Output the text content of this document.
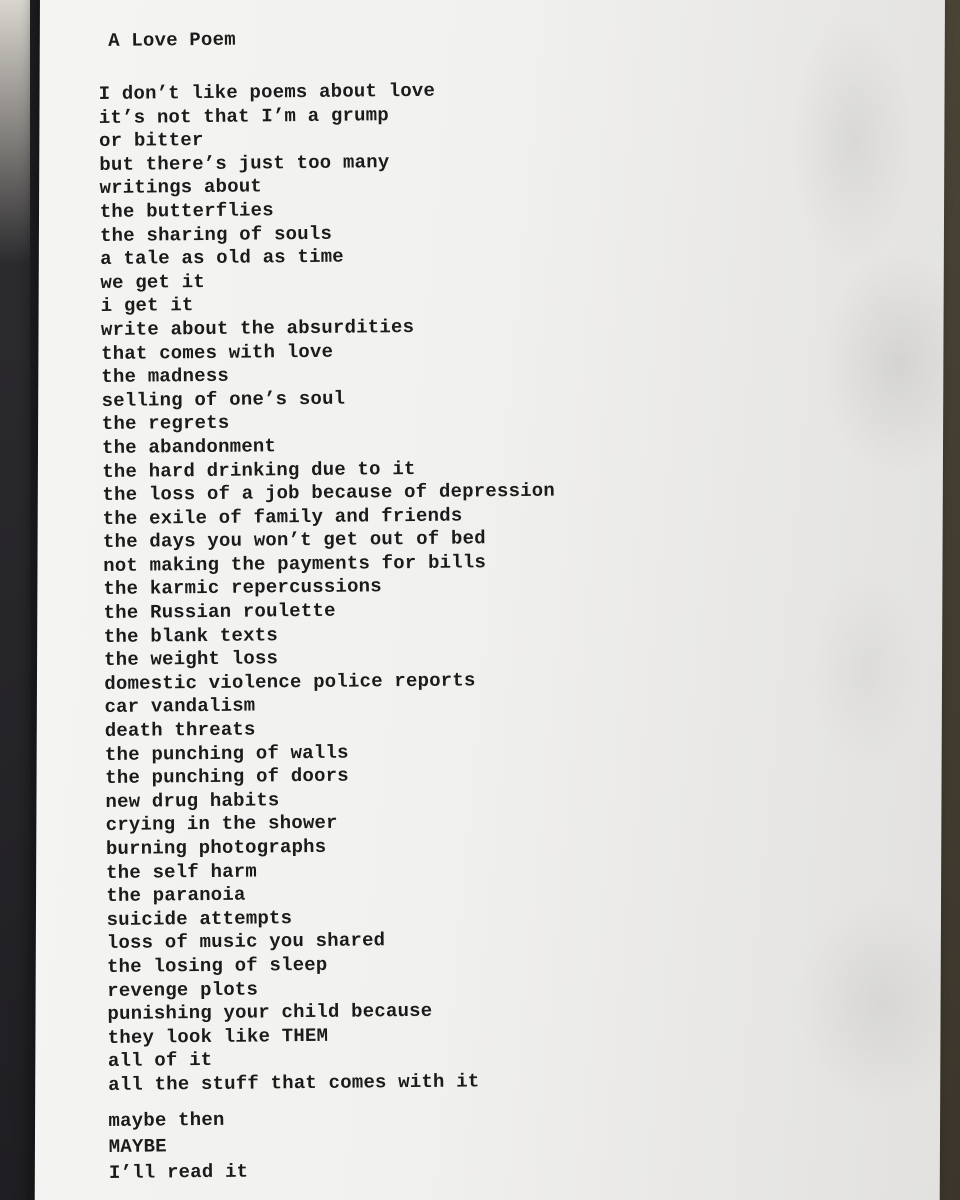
A Love Poem
I don’t like poems about love
it’s not that I’m a grump
or bitter
but there’s just too many
writings about
the butterflies
the sharing of souls
a tale as old as time
we get it
i get it
write about the absurdities
that comes with love
the madness
selling of one’s soul
the regrets
the abandonment
the hard drinking due to it
the loss of a job because of depression
the exile of family and friends
the days you won’t get out of bed
not making the payments for bills
the karmic repercussions
the Russian roulette
the blank texts
the weight loss
domestic violence police reports
car vandalism
death threats
the punching of walls
the punching of doors
new drug habits
crying in the shower
burning photographs
the self harm
the paranoia
suicide attempts
loss of music you shared
the losing of sleep
revenge plots
punishing your child because
they look like THEM
all of it
all the stuff that comes with it
maybe then
MAYBE
I’ll read it
